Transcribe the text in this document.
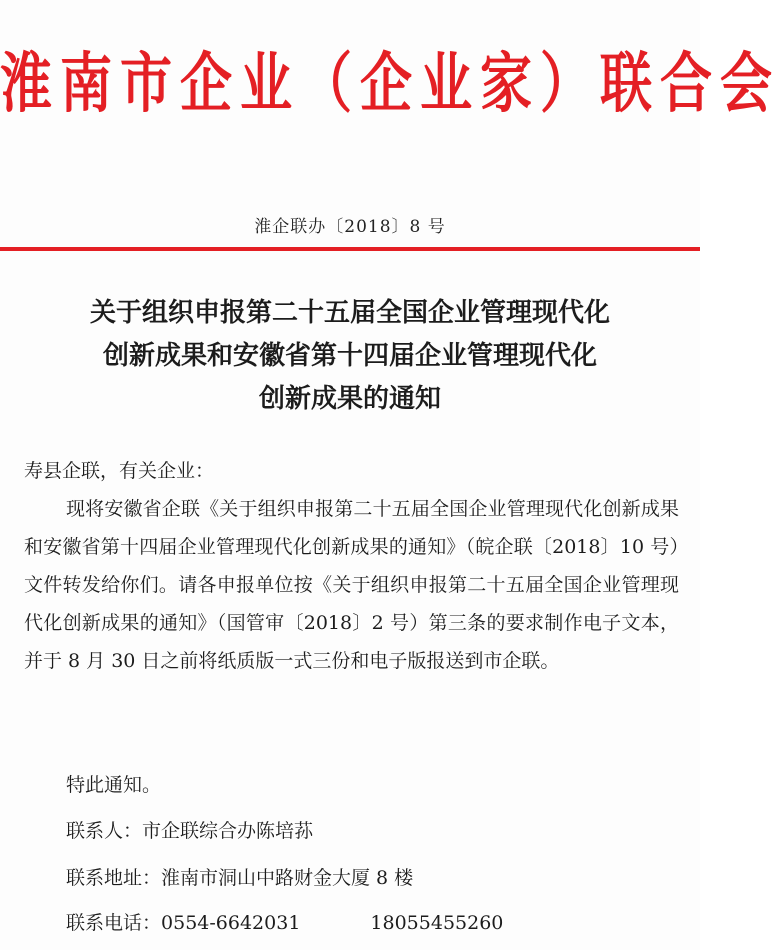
淮南市企业（企业家）联合会
淮企联办〔2018〕8 号
关于组织申报第二十五届全国企业管理现代化
创新成果和安徽省第十四届企业管理现代化
创新成果的通知
寿县企联，有关企业：
现将安徽省企联《关于组织申报第二十五届全国企业管理现代化创新成果和安徽省第十四届企业管理现代化创新成果的通知》（皖企联〔2018〕10 号）文件转发给你们。请各申报单位按《关于组织申报第二十五届全国企业管理现代化创新成果的通知》（国管审〔2018〕2 号）第三条的要求制作电子文本，并于 8 月 30 日之前将纸质版一式三份和电子版报送到市企联。
特此通知。
联系人：市企联综合办陈培荪
联系地址：淮南市洞山中路财金大厦 8 楼
联系电话：0554-6642031	18055455260
